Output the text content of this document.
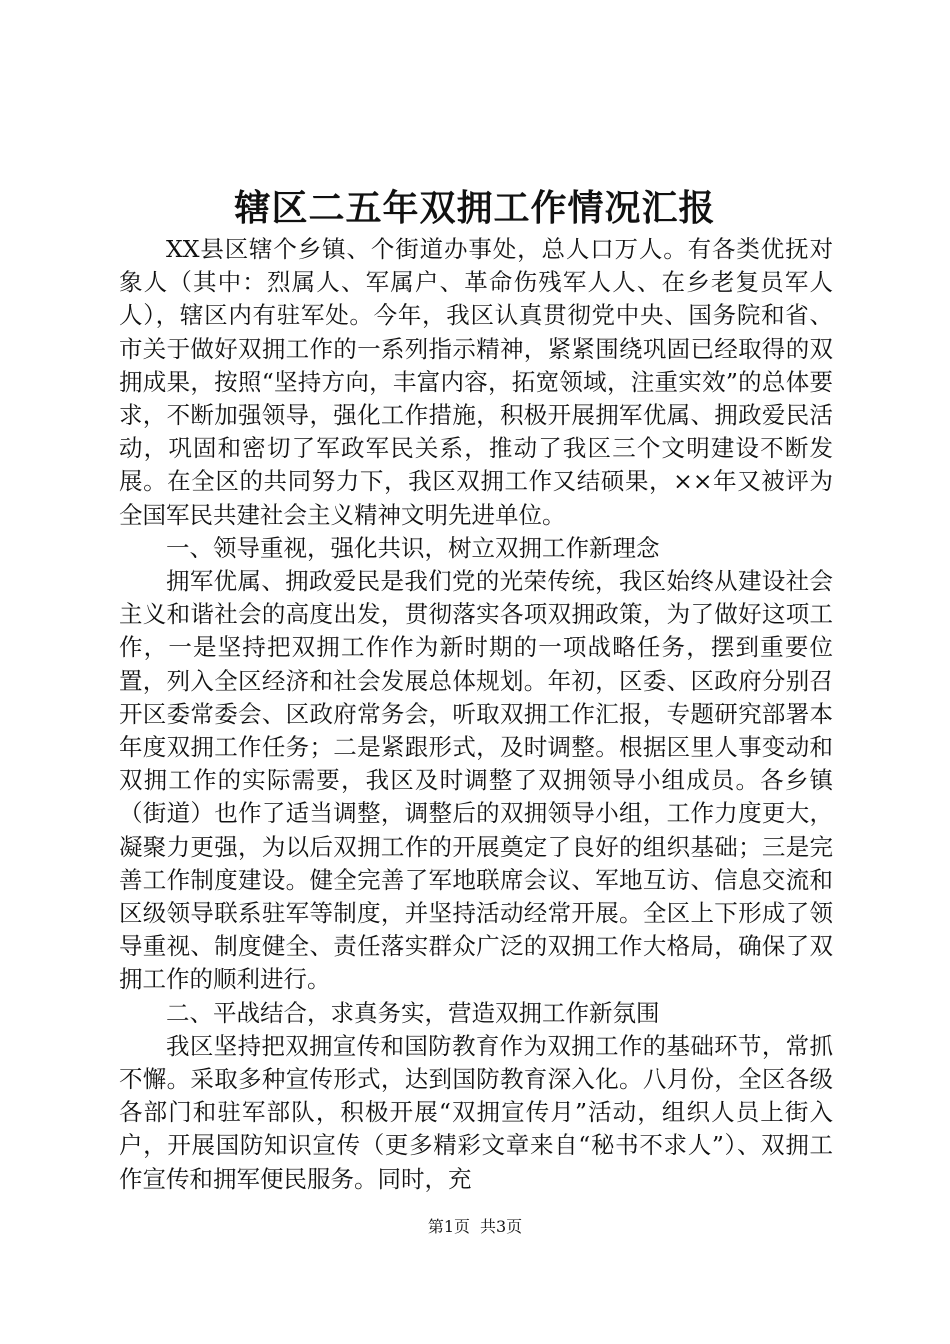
辖区二五年双拥工作情况汇报

XX县区辖个乡镇、个街道办事处，总人口万人。有各类优抚对象人（其中：烈属人、军属户、革命伤残军人人、在乡老复员军人人），辖区内有驻军处。今年，我区认真贯彻党中央、国务院和省、市关于做好双拥工作的一系列指示精神，紧紧围绕巩固已经取得的双拥成果，按照“坚持方向，丰富内容，拓宽领域，注重实效”的总体要求，不断加强领导，强化工作措施，积极开展拥军优属、拥政爱民活动，巩固和密切了军政军民关系，推动了我区三个文明建设不断发展。在全区的共同努力下，我区双拥工作又结硕果，××年又被评为全国军民共建社会主义精神文明先进单位。

一、领导重视，强化共识，树立双拥工作新理念

拥军优属、拥政爱民是我们党的光荣传统，我区始终从建设社会主义和谐社会的高度出发，贯彻落实各项双拥政策，为了做好这项工作，一是坚持把双拥工作作为新时期的一项战略任务，摆到重要位置，列入全区经济和社会发展总体规划。年初，区委、区政府分别召开区委常委会、区政府常务会，听取双拥工作汇报，专题研究部署本年度双拥工作任务；二是紧跟形式，及时调整。根据区里人事变动和双拥工作的实际需要，我区及时调整了双拥领导小组成员。各乡镇（街道）也作了适当调整，调整后的双拥领导小组，工作力度更大，凝聚力更强，为以后双拥工作的开展奠定了良好的组织基础；三是完善工作制度建设。健全完善了军地联席会议、军地互访、信息交流和区级领导联系驻军等制度，并坚持活动经常开展。全区上下形成了领导重视、制度健全、责任落实群众广泛的双拥工作大格局，确保了双拥工作的顺利进行。

二、平战结合，求真务实，营造双拥工作新氛围

我区坚持把双拥宣传和国防教育作为双拥工作的基础环节，常抓不懈。采取多种宣传形式，达到国防教育深入化。八月份，全区各级各部门和驻军部队，积极开展“双拥宣传月”活动，组织人员上街入户，开展国防知识宣传（更多精彩文章来自“秘书不求人”）、双拥工作宣传和拥军便民服务。同时，充

第1页 共3页
